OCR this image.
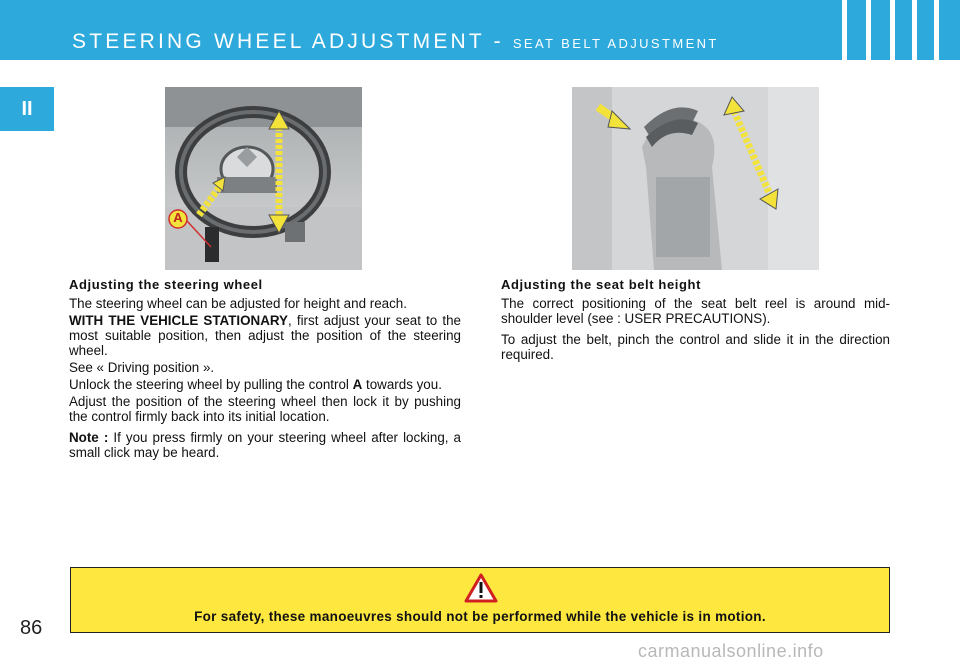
STEERING WHEEL ADJUSTMENT - SEAT BELT ADJUSTMENT
II
A
Adjusting the steering wheel

The steering wheel can be adjusted for height and reach.

WITH THE VEHICLE STATIONARY, first adjust your seat to the most suitable position, then adjust the position of the steering wheel.

See « Driving position ».

Unlock the steering wheel by pulling the control A towards you.

Adjust the position of the steering wheel then lock it by pushing the control firmly back into its initial location.

Note : If you press firmly on your steering wheel after locking, a small click may be heard.

Adjusting the seat belt height

The correct positioning of the seat belt reel is around mid-shoulder level (see : USER PRECAUTIONS).

To adjust the belt, pinch the control and slide it in the direction required.

For safety, these manoeuvres should not be performed while the vehicle is in motion.
86
carmanualsonline.info
